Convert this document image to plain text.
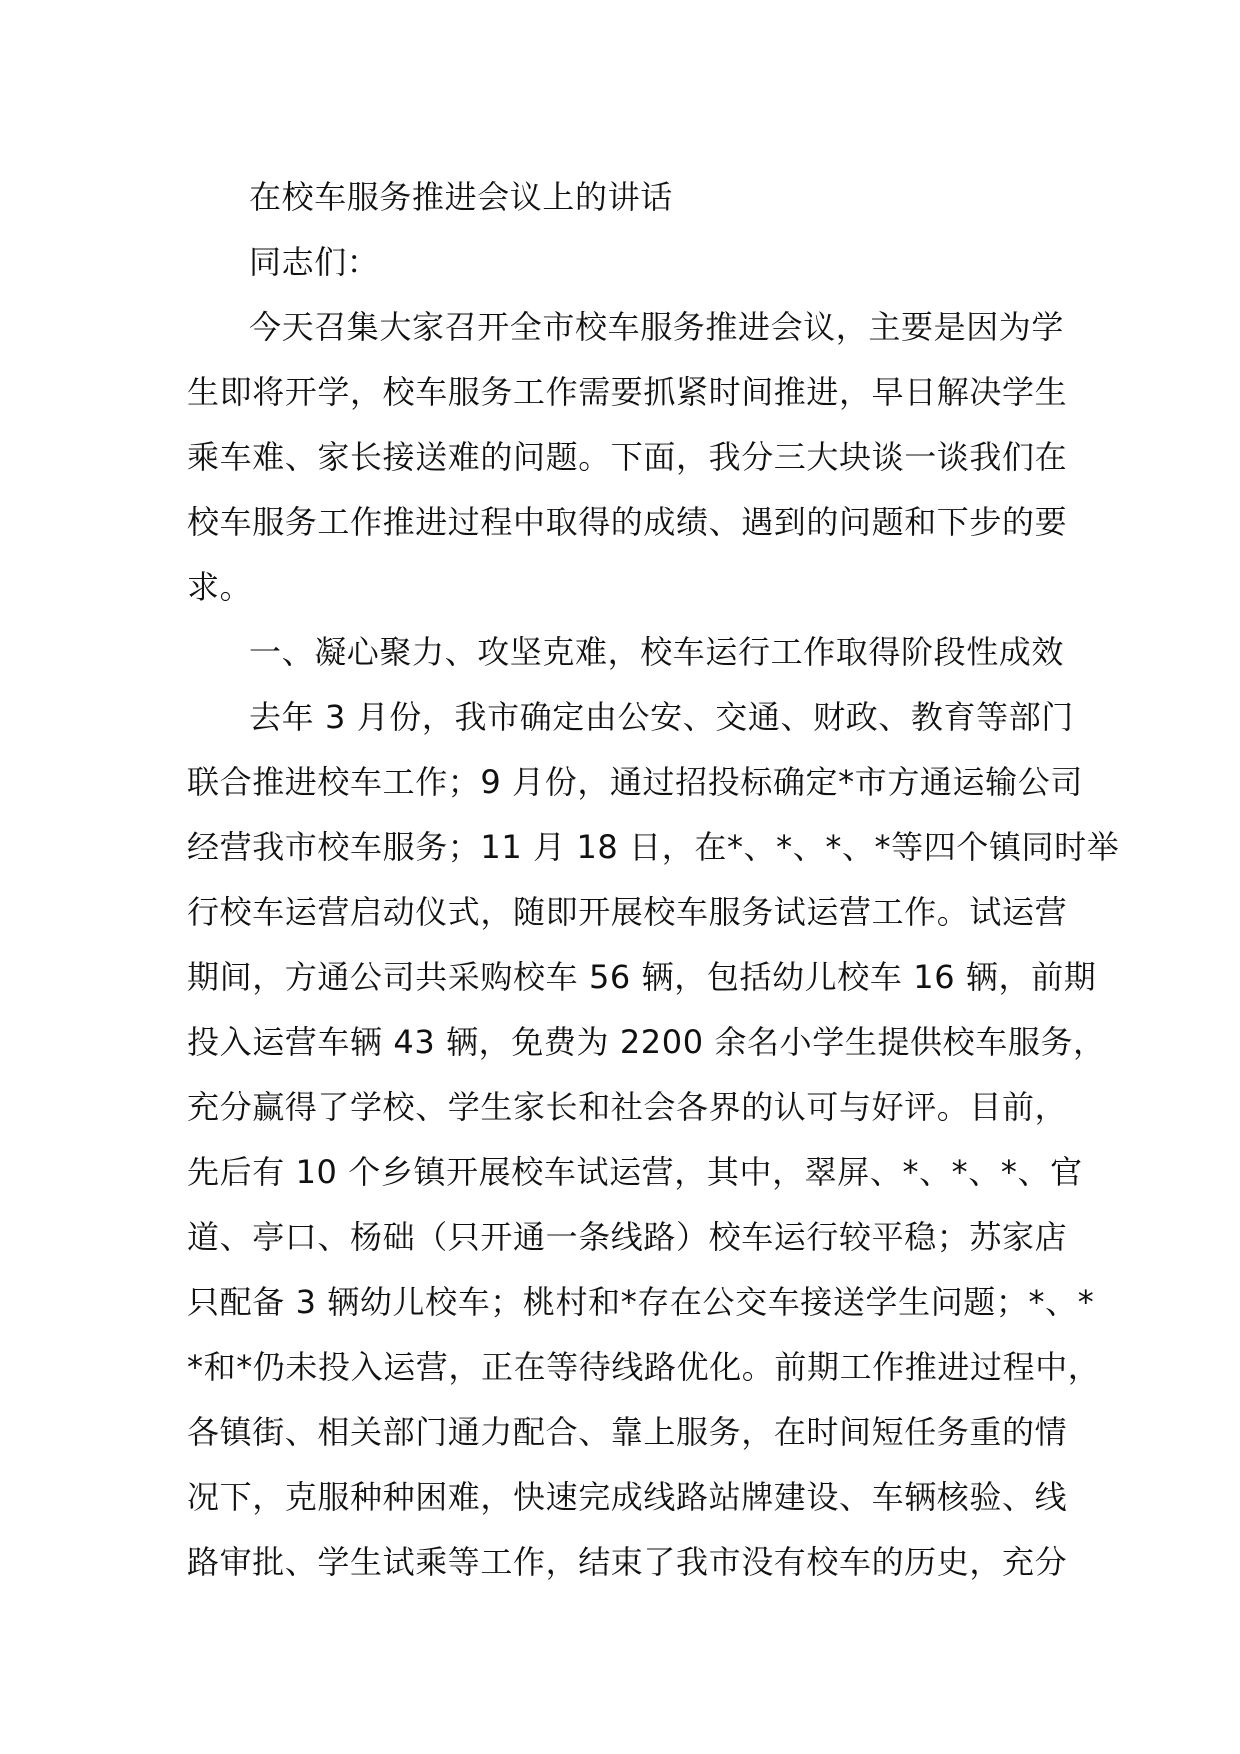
在校车服务推进会议上的讲话
同志们：
今天召集大家召开全市校车服务推进会议，主要是因为学
生即将开学，校车服务工作需要抓紧时间推进，早日解决学生
乘车难、家长接送难的问题。下面，我分三大块谈一谈我们在
校车服务工作推进过程中取得的成绩、遇到的问题和下步的要
求。
一、凝心聚力、攻坚克难，校车运行工作取得阶段性成效
去年 3 月份，我市确定由公安、交通、财政、教育等部门
联合推进校车工作；9 月份，通过招投标确定*市方通运输公司
经营我市校车服务；11 月 18 日，在*、*、*、*等四个镇同时举
行校车运营启动仪式，随即开展校车服务试运营工作。试运营
期间，方通公司共采购校车 56 辆，包括幼儿校车 16 辆，前期
投入运营车辆 43 辆，免费为 2200 余名小学生提供校车服务，
充分赢得了学校、学生家长和社会各界的认可与好评。目前，
先后有 10 个乡镇开展校车试运营，其中，翠屏、*、*、*、官
道、亭口、杨础（只开通一条线路）校车运行较平稳；苏家店
只配备 3 辆幼儿校车；桃村和*存在公交车接送学生问题；*、*
*和*仍未投入运营，正在等待线路优化。前期工作推进过程中，
各镇街、相关部门通力配合、靠上服务，在时间短任务重的情
况下，克服种种困难，快速完成线路站牌建设、车辆核验、线
路审批、学生试乘等工作，结束了我市没有校车的历史，充分
